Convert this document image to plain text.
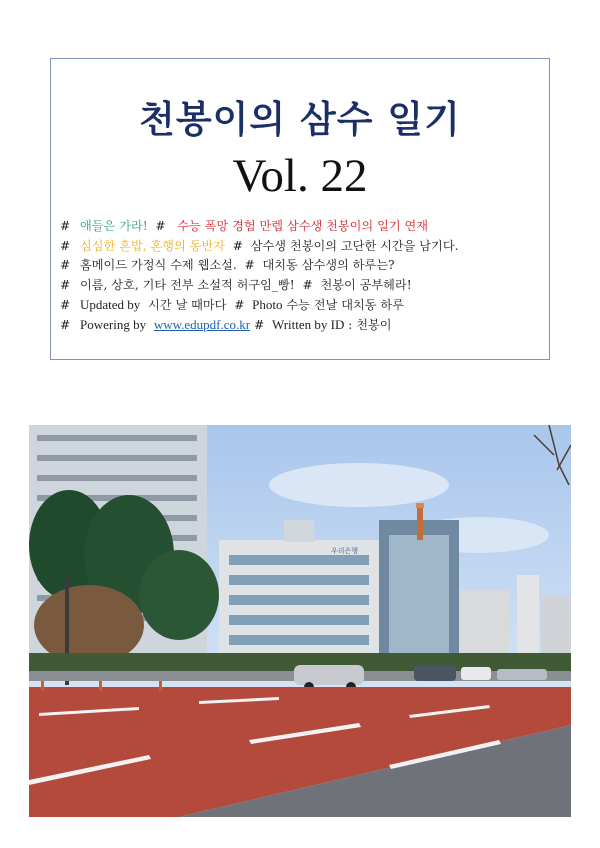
천봉이의 삼수 일기
Vol. 22
# 애들은 가라! # 수능 폭망 경험 만렙 삼수생 천봉이의 일기 연재
# 심심한 혼밥, 혼행의 동반자 # 삼수생 천봉이의 고단한 시간을 남기다.
# 홈메이드 가정식 수제 웹소설. # 대치동 삼수생의 하루는?
# 이름, 상호, 기타 전부 소설적 허구임_빵! # 천봉이 공부헤라!
# Updated by 시간 날 때마다 # Photo 수능 전날 대치동 하루
# Powering by www.edupdf.co.kr # Written by ID : 천봉이
우리은행
